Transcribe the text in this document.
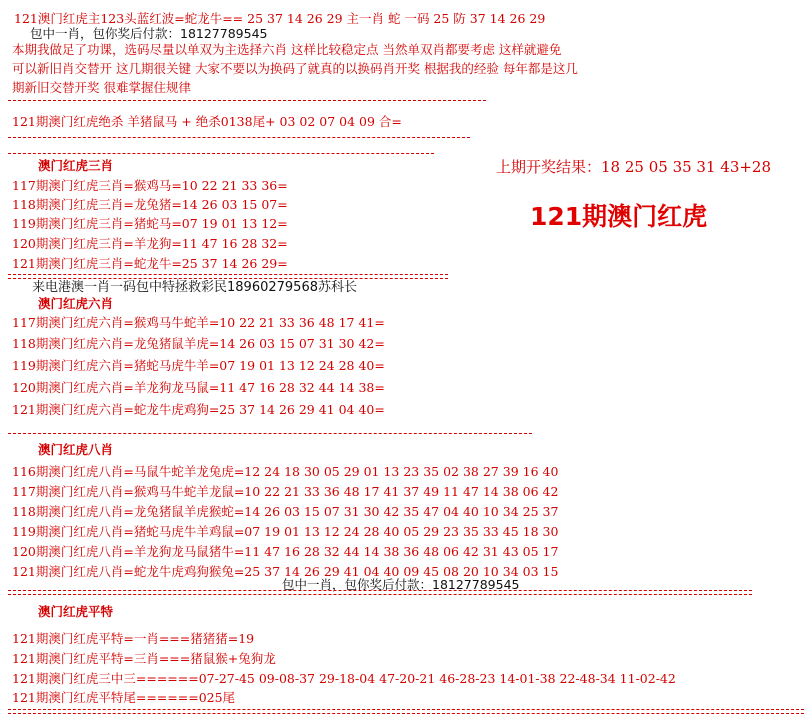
121澳门红虎主123头蓝红波=蛇龙牛== 25 37 14 26 29 主一肖 蛇 一码 25 防 37 14 26 29
包中一肖，包你奖后付款：18127789545
本期我做足了功课，选码尽量以单双为主选择六肖 这样比较稳定点 当然单双肖都要考虑 这样就避免
可以新旧肖交替开 这几期很关键 大家不要以为换码了就真的以换码肖开奖 根据我的经验 每年都是这几
期新旧交替开奖 很难掌握住规律
121期澳门红虎绝杀 羊猪鼠马 + 绝杀0138尾+ 03 02 07 04 09 合=
上期开奖结果：18 25 05 35 31 43+28
121期澳门红虎
澳门红虎三肖
117期澳门红虎三肖=猴鸡马=10 22 21 33 36=
118期澳门红虎三肖=龙兔猪=14 26 03 15 07=
119期澳门红虎三肖=猪蛇马=07 19 01 13 12=
120期澳门红虎三肖=羊龙狗=11 47 16 28 32=
121期澳门红虎三肖=蛇龙牛=25 37 14 26 29=
来电港澳一肖一码包中特拯救彩民18960279568苏科长
澳门红虎六肖
117期澳门红虎六肖=猴鸡马牛蛇羊=10 22 21 33 36 48 17 41=
118期澳门红虎六肖=龙兔猪鼠羊虎=14 26 03 15 07 31 30 42=
119期澳门红虎六肖=猪蛇马虎牛羊=07 19 01 13 12 24 28 40=
120期澳门红虎六肖=羊龙狗龙马鼠=11 47 16 28 32 44 14 38=
121期澳门红虎六肖=蛇龙牛虎鸡狗=25 37 14 26 29 41 04 40=
澳门红虎八肖
116期澳门红虎八肖=马鼠牛蛇羊龙兔虎=12 24 18 30 05 29 01 13 23 35 02 38 27 39 16 40
117期澳门红虎八肖=猴鸡马牛蛇羊龙鼠=10 22 21 33 36 48 17 41 37 49 11 47 14 38 06 42
118期澳门红虎八肖=龙兔猪鼠羊虎猴蛇=14 26 03 15 07 31 30 42 35 47 04 40 10 34 25 37
119期澳门红虎八肖=猪蛇马虎牛羊鸡鼠=07 19 01 13 12 24 28 40 05 29 23 35 33 45 18 30
120期澳门红虎八肖=羊龙狗龙马鼠猪牛=11 47 16 28 32 44 14 38 36 48 06 42 31 43 05 17
121期澳门红虎八肖=蛇龙牛虎鸡狗猴兔=25 37 14 26 29 41 04 40 09 45 08 20 10 34 03 15
包中一肖，包你奖后付款：18127789545
澳门红虎平特
121期澳门红虎平特=一肖===猪猪猪=19
121期澳门红虎平特=三肖===猪鼠猴+兔狗龙
121期澳门红虎三中三======07-27-45 09-08-37 29-18-04 47-20-21 46-28-23 14-01-38 22-48-34 11-02-42
121期澳门红虎平特尾======025尾
